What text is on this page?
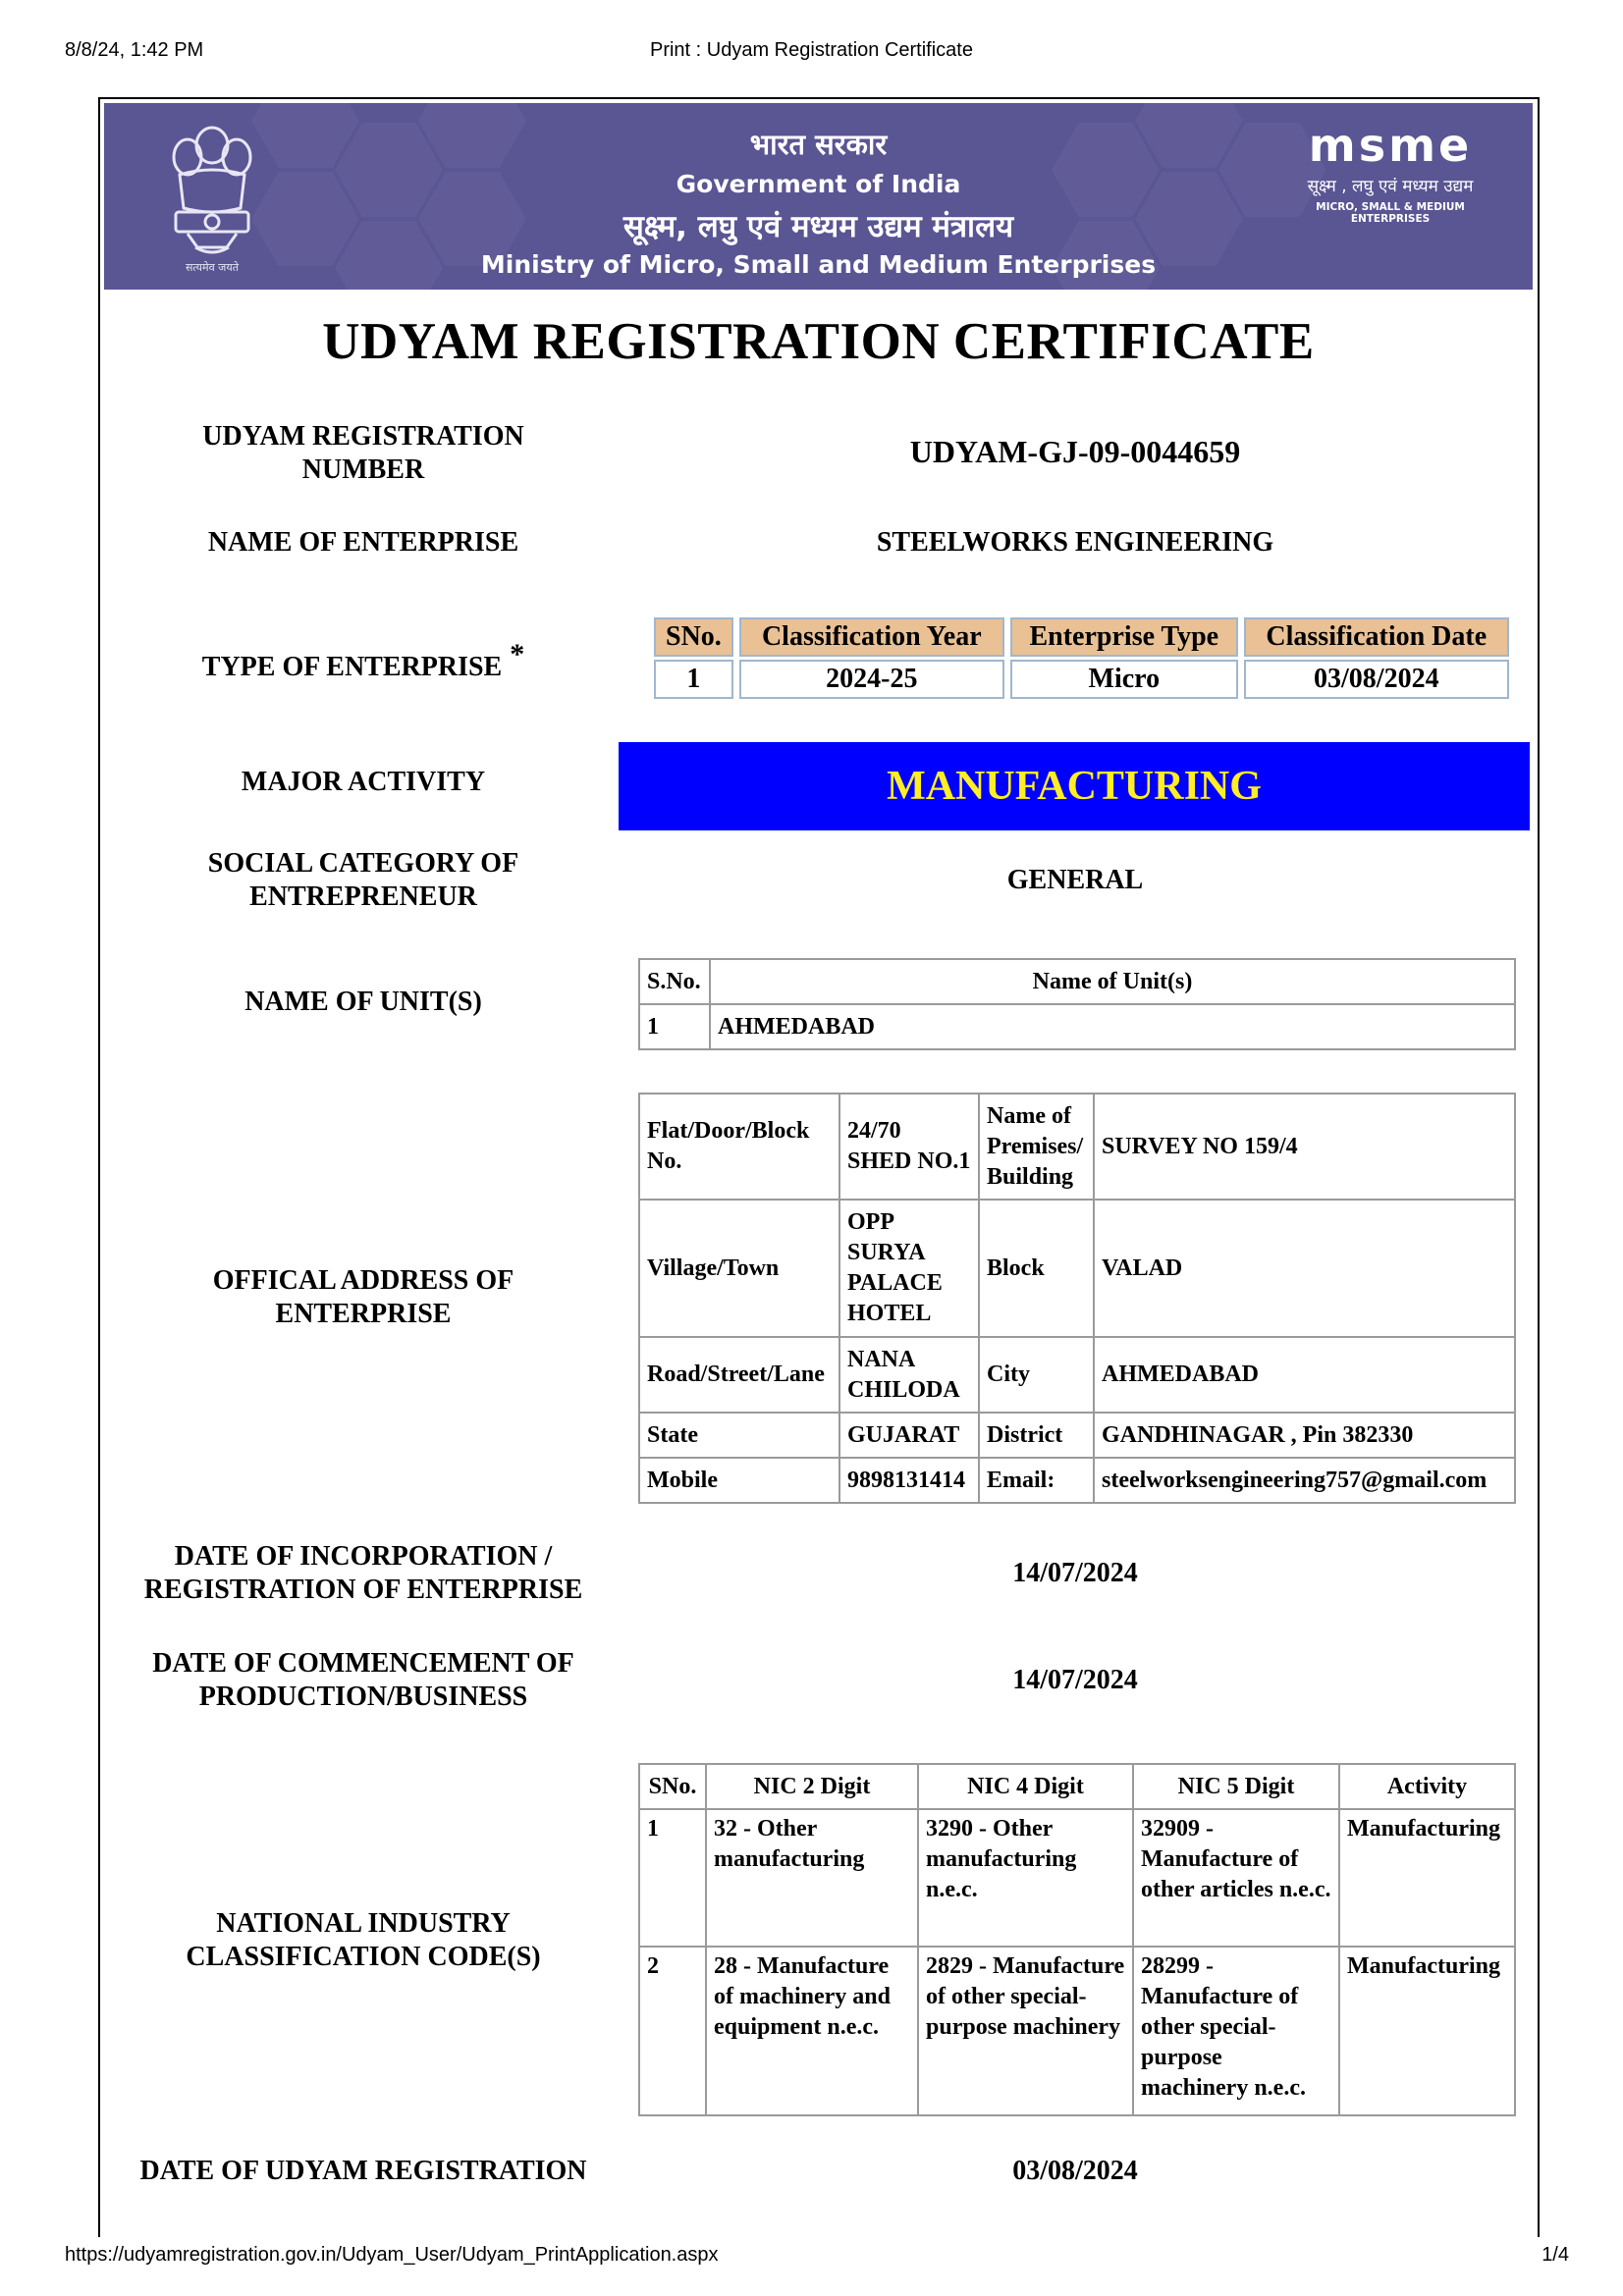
8/8/24, 1:42 PM	Print : Udyam Registration Certificate
सत्यमेव जयते
भारत सरकार
Government of India
सूक्ष्म, लघु एवं मध्यम उद्यम मंत्रालय
Ministry of Micro, Small and Medium Enterprises
msme
सूक्ष्म , लघु एवं मध्यम उद्यम
MICRO, SMALL & MEDIUM ENTERPRISES
UDYAM REGISTRATION CERTIFICATE
UDYAM REGISTRATION
NUMBER
UDYAM-GJ-09-0044659
NAME OF ENTERPRISE	STEELWORKS ENGINEERING
TYPE OF ENTERPRISE *
SNo.	Classification Year	Enterprise Type	Classification Date
1	2024-25	Micro	03/08/2024
MAJOR ACTIVITY	MANUFACTURING
SOCIAL CATEGORY OF
ENTREPRENEUR
GENERAL
NAME OF UNIT(S)
S.No.	Name of Unit(s)
1	AHMEDABAD
OFFICAL ADDRESS OF
ENTERPRISE
Flat/Door/Block No.	24/70 SHED NO.1	Name of Premises/ Building	SURVEY NO 159/4
Village/Town	OPP SURYA PALACE HOTEL	Block	VALAD
Road/Street/Lane	NANA CHILODA	City	AHMEDABAD
State	GUJARAT	District	GANDHINAGAR , Pin 382330
Mobile	9898131414	Email:	steelworksengineering757@gmail.com
DATE OF INCORPORATION /
REGISTRATION OF ENTERPRISE
14/07/2024
DATE OF COMMENCEMENT OF
PRODUCTION/BUSINESS
14/07/2024
NATIONAL INDUSTRY
CLASSIFICATION CODE(S)
SNo.	NIC 2 Digit	NIC 4 Digit	NIC 5 Digit	Activity
1	32 - Other manufacturing	3290 - Other manufacturing n.e.c.	32909 - Manufacture of other articles n.e.c.	Manufacturing
2	28 - Manufacture of machinery and equipment n.e.c.	2829 - Manufacture of other special-purpose machinery	28299 - Manufacture of other special-purpose machinery n.e.c.	Manufacturing
DATE OF UDYAM REGISTRATION	03/08/2024
https://udyamregistration.gov.in/Udyam_User/Udyam_PrintApplication.aspx	1/4
